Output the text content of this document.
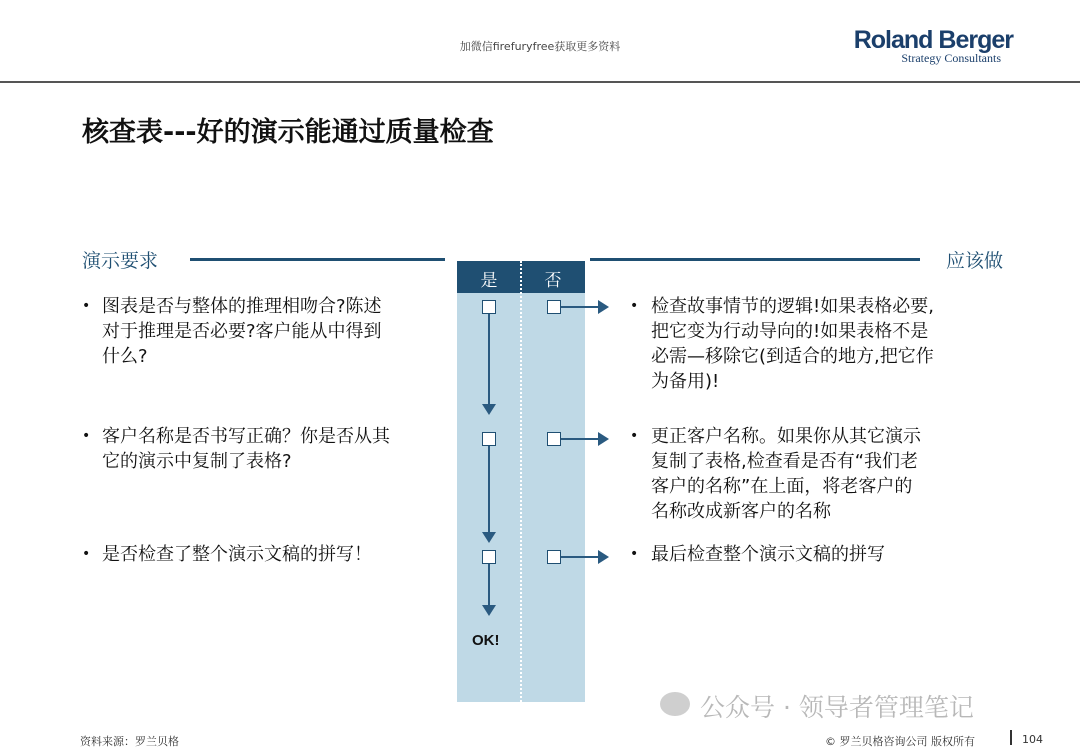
加微信firefuryfree获取更多资料	Roland Berger
Strategy Consultants
核查表---好的演示能通过质量检查
演示要求	应该做
是	否
OK!
• 图表是否与整体的推理相吻合?陈述
对于推理是否必要?客户能从中得到
什么?
• 客户名称是否书写正确？你是否从其
它的演示中复制了表格?
• 是否检查了整个演示文稿的拼写！
• 检查故事情节的逻辑!如果表格必要,
把它变为行动导向的!如果表格不是
必需—移除它(到适合的地方,把它作
为备用)!
• 更正客户名称。如果你从其它演示
复制了表格,检查看是否有“我们老
客户的名称”在上面，将老客户的
名称改成新客户的名称
• 最后检查整个演示文稿的拼写
公众号 · 领导者管理笔记
资料来源：罗兰贝格	© 罗兰贝格咨询公司 版权所有	104
